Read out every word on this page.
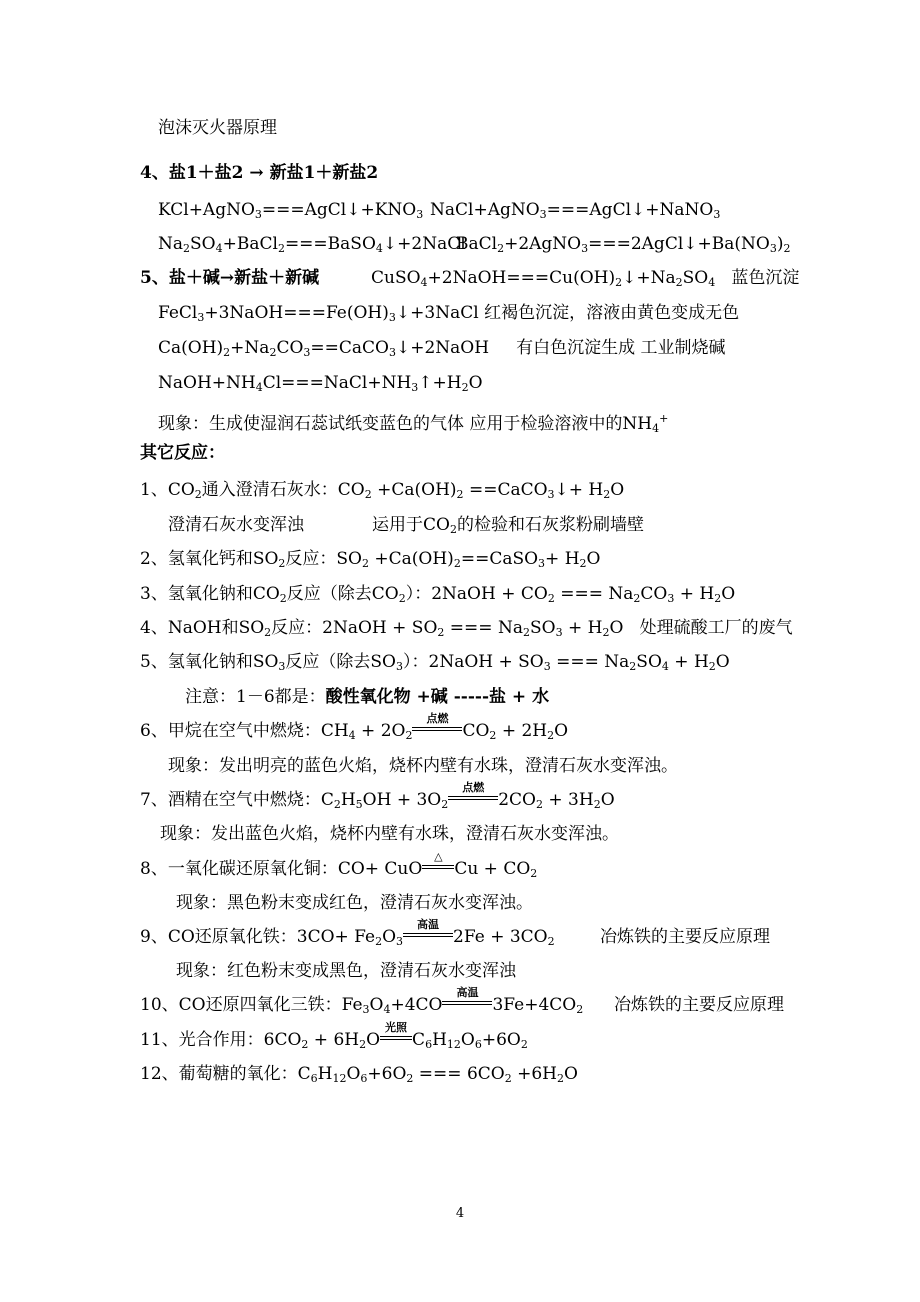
泡沫灭火器原理
4、盐1＋盐2 → 新盐1＋新盐2
$KCl+AgNO_3===AgCl↓+KNO_3$ NaCl+AgNO$_3$===AgCl↓+NaNO$_3$
$Na_2SO_4+BaCl_2===BaSO_4↓+2NaCl$
$BaCl_2+2AgNO_3===2AgCl↓+Ba(NO_3)_2$
5、盐＋碱→新盐＋新碱	$CuSO_4+2NaOH===Cu(OH)_2↓+Na_2SO_4$ 蓝色沉淀
$FeCl_3+3NaOH===Fe(OH)_3↓+3NaCl$ 红褐色沉淀，溶液由黄色变成无色
$Ca(OH)_2+Na_2CO_3==CaCO_3↓+2NaOH$     有白色沉淀生成 工业制烧碱
$NaOH+NH_4Cl===NaCl+NH_3↑+H_2O$
现象：生成使湿润石蕊试纸变蓝色的气体 应用于检验溶液中的$NH_4^+$
其它反应：
1、$CO_2$通入澄清石灰水：$CO_2 +Ca(OH)_2$ ==CaCO$_3$↓+ $H_2O$
澄清石灰水变浑浊	运用于$CO_2$的检验和石灰浆粉刷墙壁
2、氢氧化钙和$SO_2$反应：$SO_2$ $+Ca(OH)_2==CaSO_3+ H_2O$
3、氢氧化钠和$CO_2$反应（除去$CO_2$）：2NaOH + $CO_2$ === $Na_2CO_3 + H_2O$
4、NaOH和$SO_2$反应：2NaOH + $SO_2$ === $Na_2SO_3 + H_2O$   处理硫酸工厂的废气
5、氢氧化钠和$SO_3$反应（除去$SO_3$）：2NaOH + $SO_3$ === $Na_2SO_4 + H_2O$
注意：1－6都是：酸性氧化物 +碱 -----盐 + 水
6、甲烷在空气中燃烧：$CH_4 + 2O_2$
点燃
$CO_2 + 2H_2O$
现象：发出明亮的蓝色火焰，烧杯内壁有水珠，澄清石灰水变浑浊。
7、酒精在空气中燃烧：$C_2H_5OH + 3O_2$
点燃
$2CO_2 + 3H_2O$
现象：发出蓝色火焰，烧杯内壁有水珠，澄清石灰水变浑浊。
8、一氧化碳还原氧化铜：CO+ CuO
△
$Cu + CO_2$
现象：黑色粉末变成红色，澄清石灰水变浑浊。
9、CO还原氧化铁：$3CO+ Fe_2O_3$
高温
$2Fe + 3CO_2$	冶炼铁的主要反应原理
现象：红色粉末变成黑色，澄清石灰水变浑浊
10、CO还原四氧化三铁：$Fe_3O_4+4CO$
高温
$3Fe+4CO_2$ 冶炼铁的主要反应原理
11、光合作用：$6CO_2 + 6H_2O$
光照
$C_6H_{12}O_6+6O_2$
12、葡萄糖的氧化：$C_6H_{12}O_6+6O_2$ === $6CO_2 +6H_2O$
4
